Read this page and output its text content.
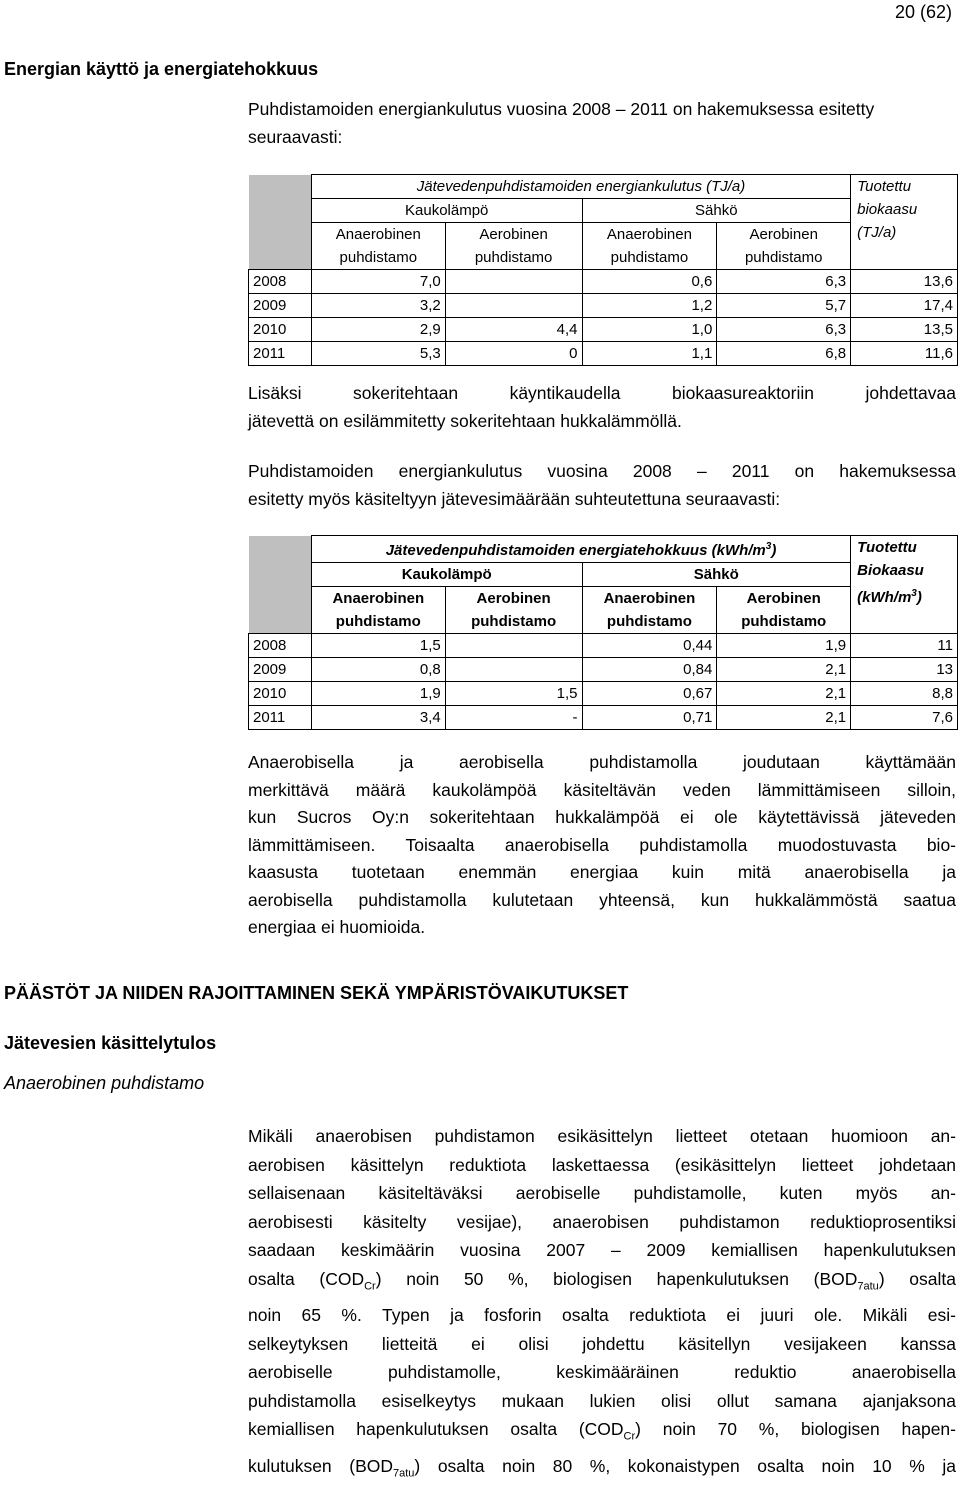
20 (62)
Energian käyttö ja energiatehokkuus
Puhdistamoiden energiankulutus vuosina 2008 – 2011 on hakemuksessa esitetty seuraavasti:
	Jätevedenpuhdistamoiden energiankulutus (TJ/a)				Tuotettu
biokaasu
(TJ/a)

	Kaukolämpö		Sähkö		
	Anaerobinen	Aerobinen	Anaerobinen	Aerobinen	
	puhdistamo	puhdistamo	puhdistamo	puhdistamo	
2008	7,0		0,6	6,3	13,6
2009	3,2		1,2	5,7	17,4
2010	2,9	4,4	1,0	6,3	13,5
2011	5,3	0	1,1	6,8	11,6
Lisäksi sokeritehtaan käyntikaudella biokaasureaktoriin johdettavaa
jätevettä on esilämmitetty sokeritehtaan hukkalämmöllä.
Puhdistamoiden energiankulutus vuosina 2008 – 2011 on hakemuksessa
esitetty myös käsiteltyyn jätevesimäärään suhteutettuna seuraavasti:
	Jätevedenpuhdistamoiden energiatehokkuus $(kWh/m^3)$				Tuotettu
Biokaasu
$(kWh/m^3)$

	Kaukolämpö		Sähkö		
	Anaerobinen	Aerobinen	Anaerobinen	Aerobinen	
	puhdistamo	puhdistamo	puhdistamo	puhdistamo	
2008	1,5		0,44	1,9	11
2009	0,8		0,84	2,1	13
2010	1,9	1,5	0,67	2,1	8,8
2011	3,4	-	0,71	2,1	7,6
Anaerobisella ja aerobisella puhdistamolla joudutaan käyttämään
merkittävä määrä kaukolämpöä käsiteltävän veden lämmittämiseen silloin,
kun Sucros Oy:n sokeritehtaan hukkalämpöä ei ole käytettävissä jäteveden
lämmittämiseen. Toisaalta anaerobisella puhdistamolla muodostuvasta bio-
kaasusta tuotetaan enemmän energiaa kuin mitä anaerobisella ja
aerobisella puhdistamolla kulutetaan yhteensä, kun hukkalämmöstä saatua
energiaa ei huomioida.
PÄÄSTÖT JA NIIDEN RAJOITTAMINEN SEKÄ YMPÄRISTÖVAIKUTUKSET
Jätevesien käsittelytulos
Anaerobinen puhdistamo
Mikäli anaerobisen puhdistamon esikäsittelyn lietteet otetaan huomioon an-
aerobisen käsittelyn reduktiota laskettaessa (esikäsittelyn lietteet johdetaan
sellaisenaan käsiteltäväksi aerobiselle puhdistamolle, kuten myös an-
aerobisesti käsitelty vesijae), anaerobisen puhdistamon reduktioprosentiksi
saadaan keskimäärin vuosina 2007 – 2009 kemiallisen hapenkulutuksen
osalta $(COD_{Cr})$ noin 50 %, biologisen hapenkulutuksen $(BOD_{7atu})$ osalta
noin 65 %. Typen ja fosforin osalta reduktiota ei juuri ole. Mikäli esi-
selkeytyksen liettеitä ei olisi johdettu käsitellyn vesijakeen kanssa
aerobiselle puhdistamolle, keskimääräinen reduktio anaerobisella
puhdistamolla esiselkeytys mukaan lukien olisi ollut samana ajanjaksona
kemiallisen hapenkulutuksen osalta $(COD_{Cr})$ noin 70 %, biologisen hapen-
kulutuksen $(BOD_{7atu})$ osalta noin 80 %, kokonaistypen osalta noin 10 % ja
